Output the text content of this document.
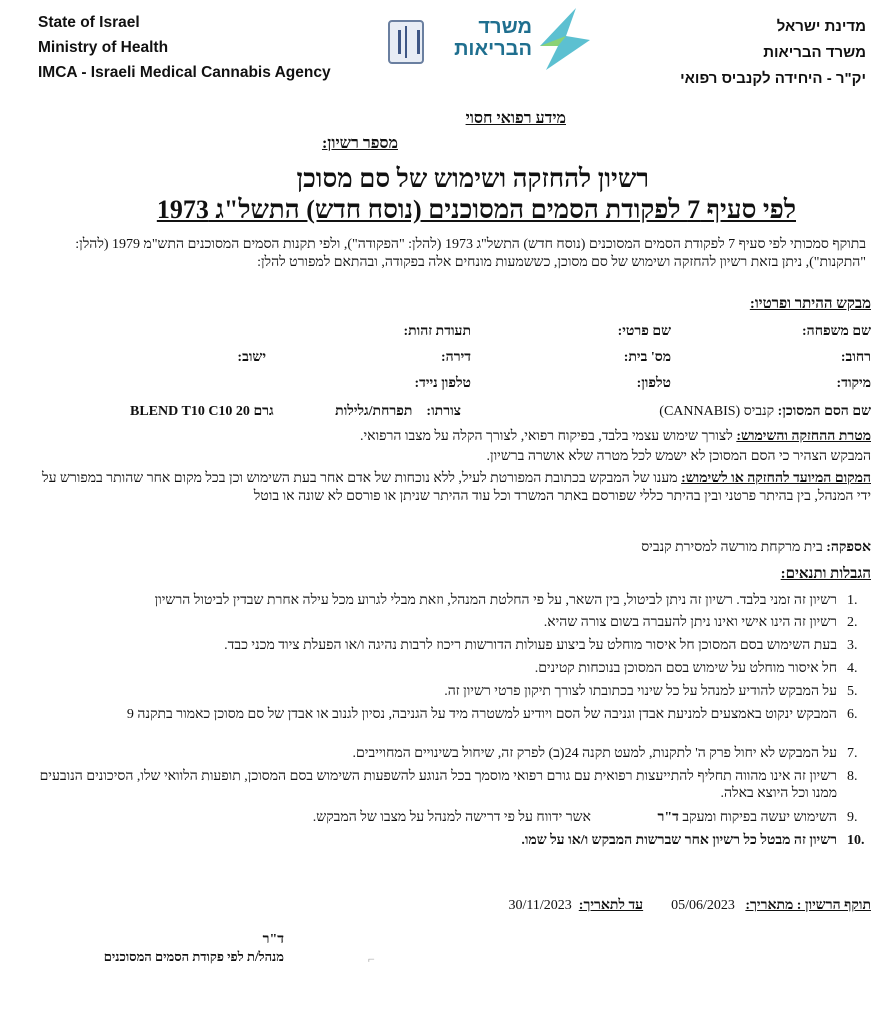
State of Israel
Ministry of Health
IMCA - Israeli Medical Cannabis Agency
משרד
הבריאות
מדינת ישראל
משרד הבריאות
יק"ר - היחידה לקנביס רפואי
מידע רפואי חסוי
מספר רשיון:
רשיון להחזקה ושימוש של סם מסוכן
לפי סעיף 7 לפקודת הסמים המסוכנים (נוסח חדש) התשל"ג 1973
בתוקף סמכותי לפי סעיף 7 לפקודת הסמים המסוכנים (נוסח חדש) התשל"ג 1973 (להלן: "הפקודה"), ולפי תקנות הסמים המסוכנים התש"מ 1979 (להלן: "התקנות"), ניתן בזאת רשיון להחזקה ושימוש של סם מסוכן, כששמעות מונחים אלה בפקודה, ובהתאם למפורט להלן:
מבקש ההיתר ופרטיו:
שם משפחה:
שם פרטי:
תעודת זהות:
רחוב:
מס' בית:
דירה:
ישוב:
מיקוד:
טלפון:
טלפון נייד:
שם הסם המסוכן: קנביס (CANNABIS)
צורתו:    תפרחת/גלילות
BLEND T10 C10 20 גרם
מטרת ההחזקה והשימוש: לצורך שימוש עצמי בלבד, בפיקוח רפואי, לצורך הקלה על מצבו הרפואי.
המבקש הצהיר כי הסם המסוכן לא ישמש לכל מטרה שלא אושרה ברשיון.
המקום המיועד להחזקה או לשימוש: מענו של המבקש בכתובת המפורטת לעיל, ללא נוכחות של אדם אחר בעת השימוש וכן בכל מקום אחר שהותר במפורש על ידי המנהל, בין בהיתר פרטני ובין בהיתר כללי שפורסם באתר המשרד וכל עוד ההיתר שניתן או פורסם לא שונה או בוטל
אספקה: בית מרקחת מורשה למסירת קנביס
הגבלות ותנאים:
1.
רשיון זה זמני בלבד. רשיון זה ניתן לביטול, בין השאר, על פי החלטת המנהל, וזאת מבלי לגרוע מכל עילה אחרת שבדין לביטול הרשיון
2.
רשיון זה הינו אישי ואינו ניתן להעברה בשום צורה שהיא.
3.
בעת השימוש בסם המסוכן חל איסור מוחלט על ביצוע פעולות הדורשות ריכוז לרבות נהיגה ו/או הפעלת ציוד מכני כבד.
4.
חל איסור מוחלט על שימוש בסם המסוכן בנוכחות קטינים.
5.
על המבקש להודיע למנהל על כל שינוי בכתובתו לצורך תיקון פרטי רשיון זה.
6.
המבקש ינקוט באמצעים למניעת אבדן וגניבה של הסם ויודיע למשטרה מיד על הגניבה, נסיון לגנוב או אבדן של סם מסוכן כאמור בתקנה 9
7.
על המבקש לא יחול פרק ה' לתקנות, למעט תקנה 24(ב) לפרק זה, שיחול בשינויים המחוייבים.
8.
רשיון זה אינו מהווה תחליף להתייעצות רפואית עם גורם רפואי מוסמך בכל הנוגע להשפעות השימוש בסם המסוכן, תופעות הלוואי שלו, הסיכונים הנובעים ממנו וכל היוצא באלה.
9.
השימוש יעשה בפיקוח ומעקב ד"ר                   אשר ידווח על פי דרישה למנהל על מצבו של המבקש.
10.
רשיון זה מבטל כל רשיון אחר שברשות המבקש ו/או על שמו.
תוקף הרשיון : מתאריך:   05/06/2023        עד לתאריך:  30/11/2023
ד"ר
מנהל/ת לפי פקודת הסמים המסוכנים	⌐
